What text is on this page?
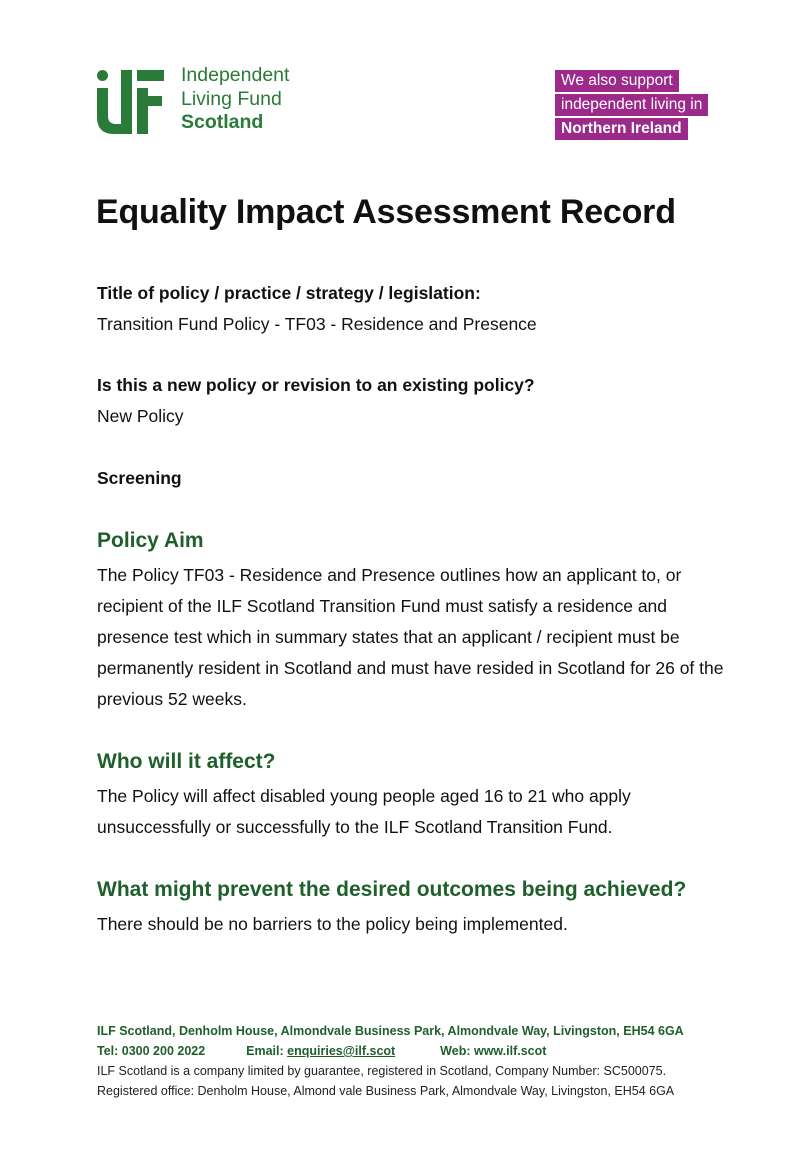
Independent
Living Fund
Scotland
We also support
independent living in
Northern Ireland
Equality Impact Assessment Record

Title of policy / practice / strategy / legislation:

Transition Fund Policy - TF03 - Residence and Presence

Is this a new policy or revision to an existing policy?

New Policy

Screening

Policy Aim

The Policy TF03 - Residence and Presence outlines how an applicant to, or recipient of the ILF Scotland Transition Fund must satisfy a residence and presence test which in summary states that an applicant / recipient must be permanently resident in Scotland and must have resided in Scotland for 26 of the previous 52 weeks.

Who will it affect?

The Policy will affect disabled young people aged 16 to 21 who apply unsuccessfully or successfully to the ILF Scotland Transition Fund.

What might prevent the desired outcomes being achieved?

There should be no barriers to the policy being implemented.

ILF Scotland, Denholm House, Almondvale Business Park, Almondvale Way, Livingston, EH54 6GA
Tel: 0300 200 2022	Email: enquiries@ilf.scot	Web: www.ilf.scot
ILF Scotland is a company limited by guarantee, registered in Scotland, Company Number: SC500075.
Registered office: Denholm House, Almond vale Business Park, Almondvale Way, Livingston, EH54 6GA
